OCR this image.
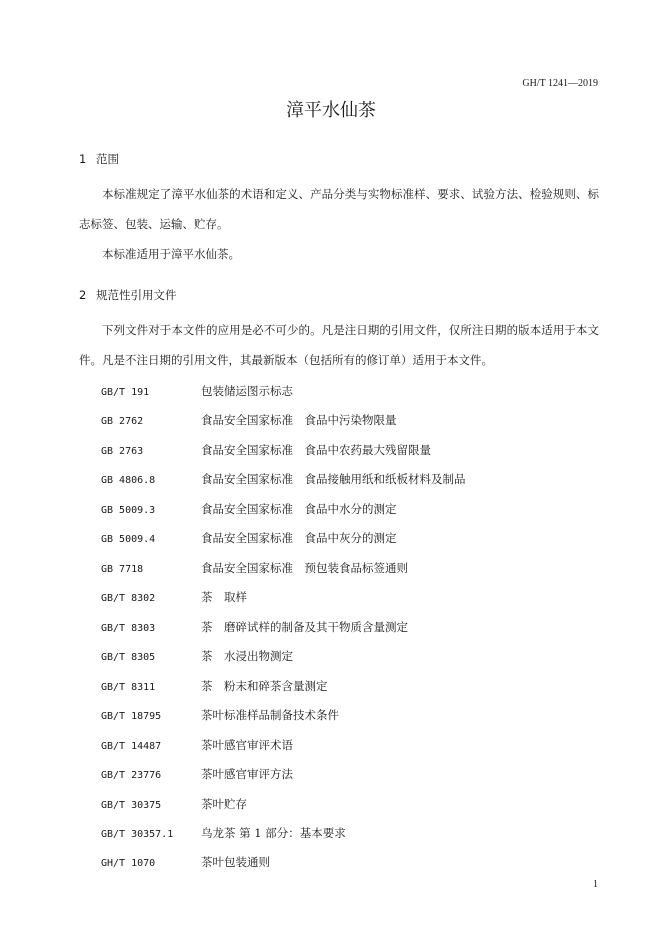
GH/T 1241—2019
漳平水仙茶
1 范围
本标准规定了漳平水仙茶的术语和定义、产品分类与实物标准样、要求、试验方法、检验规则、标志标签、包装、运输、贮存。
本标准适用于漳平水仙茶。
2 规范性引用文件
下列文件对于本文件的应用是必不可少的。凡是注日期的引用文件，仅所注日期的版本适用于本文件。凡是不注日期的引用文件，其最新版本（包括所有的修订单）适用于本文件。
GB/T 191	包装储运图示标志
GB 2762	食品安全国家标准　食品中污染物限量
GB 2763	食品安全国家标准　食品中农药最大残留限量
GB 4806.8	食品安全国家标准　食品接触用纸和纸板材料及制品
GB 5009.3	食品安全国家标准　食品中水分的测定
GB 5009.4	食品安全国家标准　食品中灰分的测定
GB 7718	食品安全国家标准　预包装食品标签通则
GB/T 8302	茶　取样
GB/T 8303	茶　磨碎试样的制备及其干物质含量测定
GB/T 8305	茶　水浸出物测定
GB/T 8311	茶　粉末和碎茶含量测定
GB/T 18795	茶叶标准样品制备技术条件
GB/T 14487	茶叶感官审评术语
GB/T 23776	茶叶感官审评方法
GB/T 30375	茶叶贮存
GB/T 30357.1 乌龙茶 第 1 部分：基本要求
GH/T 1070	茶叶包装通则
1
